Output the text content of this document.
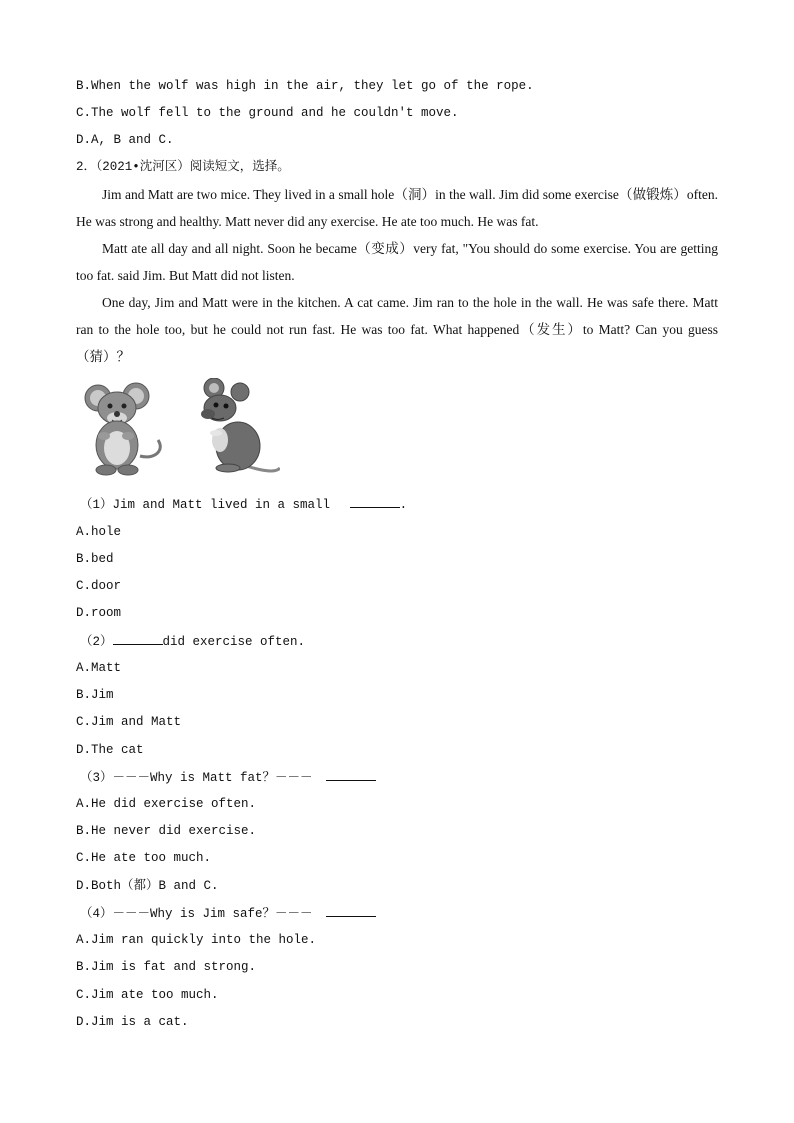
B.When the wolf was high in the air, they let go of the rope.
C.The wolf fell to the ground and he couldn't move.
D.A, B and C.
2．（2021•沈河区）阅读短文，选择。
Jim and Matt are two mice. They lived in a small hole（洞）in the wall. Jim did some exercise（做锻炼）often. He was strong and healthy. Matt never did any exercise. He ate too much. He was fat.
Matt ate all day and all night. Soon he became（变成）very fat, "You should do some exercise. You are getting too fat. said Jim. But Matt did not listen.
One day, Jim and Matt were in the kitchen. A cat came. Jim ran to the hole in the wall. He was safe there. Matt ran to the hole too, but he could not run fast. He was too fat. What happened（发生）to Matt? Can you guess（猜）？
（1）Jim and Matt lived in a small	.
A.hole
B.bed
C.door
D.room
（2）	did exercise often.
A.Matt
B.Jim
C.Jim and Matt
D.The cat
（3）－－－Why is Matt fat？－－－
A.He did exercise often.
B.He never did exercise.
C.He ate too much.
D.Both（都）B and C.
（4）－－－Why is Jim safe？－－－
A.Jim ran quickly into the hole.
B.Jim is fat and strong.
C.Jim ate too much.
D.Jim is a cat.
